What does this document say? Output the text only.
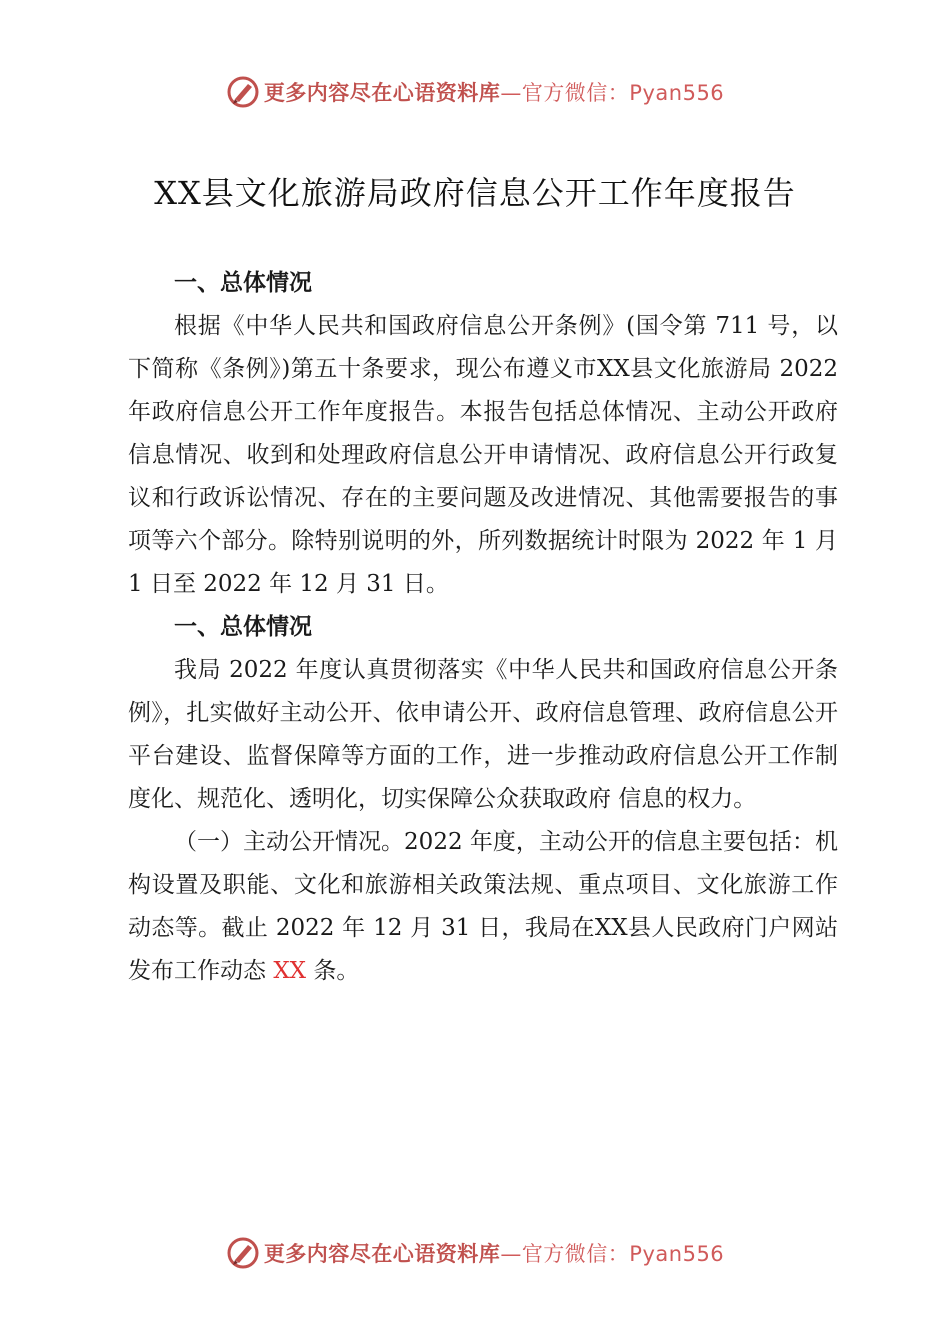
更多内容尽在心语资料库 —官方微信：Pyan556
XX县文化旅游局政府信息公开工作年度报告
一、总体情况

根据《中华人民共和国政府信息公开条例》(国令第 711 号，以下简称《条例》)第五十条要求，现公布遵义市XX县文化旅游局 2022 年政府信息公开工作年度报告。本报告包括总体情况、主动公开政府信息情况、收到和处理政府信息公开申请情况、政府信息公开行政复议和行政诉讼情况、存在的主要问题及改进情况、其他需要报告的事项等六个部分。除特别说明的外，所列数据统计时限为 2022 年 1 月 1 日至 2022 年 12 月 31 日。

一、总体情况

我局 2022 年度认真贯彻落实《中华人民共和国政府信息公开条例》，扎实做好主动公开、依申请公开、政府信息管理、政府信息公开平台建设、监督保障等方面的工作，进一步推动政府信息公开工作制度化、规范化、透明化，切实保障公众获取政府 信息的权力。

（一）主动公开情况。2022 年度，主动公开的信息主要包括：机构设置及职能、文化和旅游相关政策法规、重点项目、文化旅游工作动态等。截止 2022 年 12 月 31 日，我局在XX县人民政府门户网站发布工作动态 XX 条。

更多内容尽在心语资料库 —官方微信：Pyan556
